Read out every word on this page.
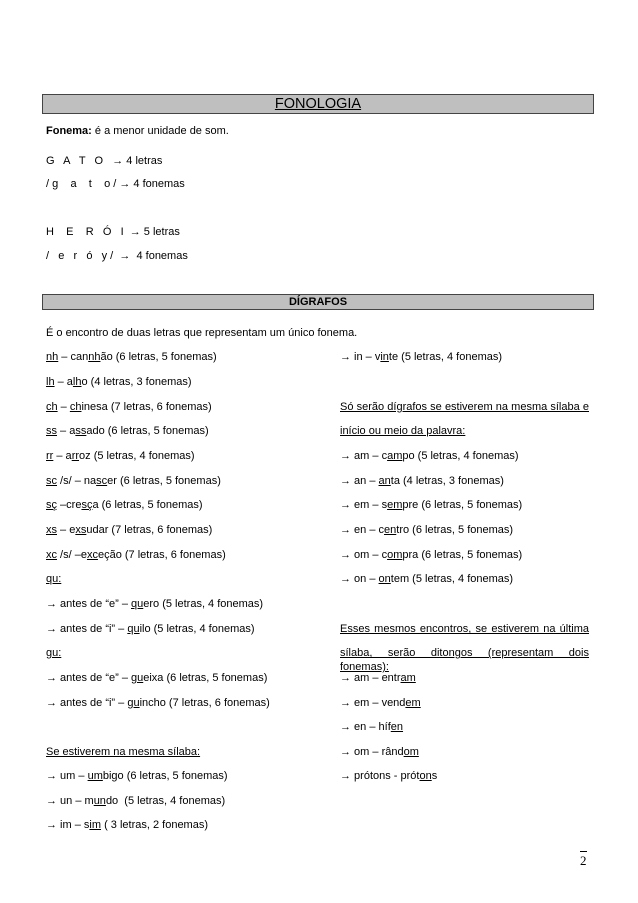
FONOLOGIA
Fonema: é a menor unidade de som.
G   A   T   O   → 4 letras
/ g    a    t    o / → 4 fonemas
H    E    R   Ó   I  → 5 letras
/   e   r   ó   y /  →  4 fonemas
DÍGRAFOS
É o encontro de duas letras que representam um único fonema.
nh – cannhão (6 letras, 5 fonemas)
lh – alho (4 letras, 3 fonemas)
ch – chinesa (7 letras, 6 fonemas)
ss – assado (6 letras, 5 fonemas)
rr – arroz (5 letras, 4 fonemas)
sc /s/ – nascer (6 letras, 5 fonemas)
sç –cresça (6 letras, 5 fonemas)
xs – exsudar (7 letras, 6 fonemas)
xc /s/ –exceção (7 letras, 6 fonemas)
qu:
→ antes de “e” – quero (5 letras, 4 fonemas)
→ antes de “i” – quilo (5 letras, 4 fonemas)
gu:
→ antes de “e” – gueixa (6 letras, 5 fonemas)
→ antes de “i” – guincho (7 letras, 6 fonemas)
Se estiverem na mesma sílaba:
→ um – umbigo (6 letras, 5 fonemas)
→ un – mundo  (5 letras, 4 fonemas)
→ im – sim ( 3 letras, 2 fonemas)
→ in – vinte (5 letras, 4 fonemas)
Só serão dígrafos se estiverem na mesma sílaba e
início ou meio da palavra:
→ am – campo (5 letras, 4 fonemas)
→ an – anta (4 letras, 3 fonemas)
→ em – sempre (6 letras, 5 fonemas)
→ en – centro (6 letras, 5 fonemas)
→ om – compra (6 letras, 5 fonemas)
→ on – ontem (5 letras, 4 fonemas)
Esses mesmos encontros, se estiverem na última
sílaba, serão ditongos (representam dois fonemas):
→ am – entram
→ em – vendem
→ en – hífen
→ om – rândom
→ prótons - prótons
2
